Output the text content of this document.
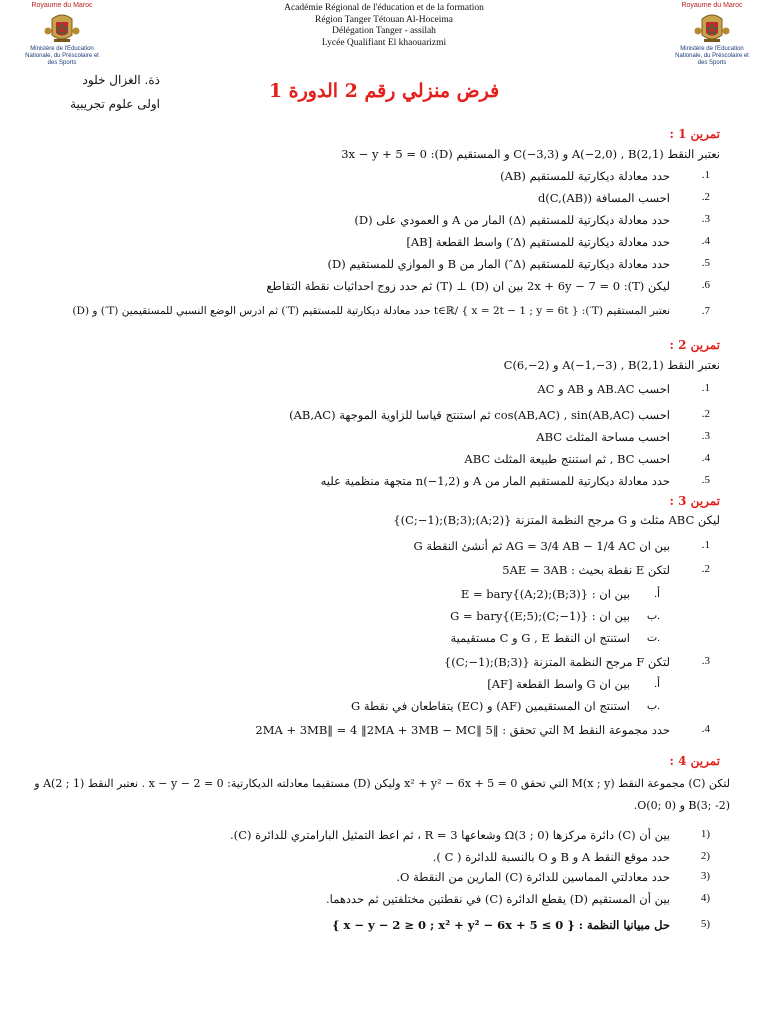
Royaume du Maroc
Ministère de l'Education Nationale, du Préscolaire et des Sports
Académie Régional de l'éducation et de la formation
Région Tanger Tétouan Al-Hoceima
Délégation Tanger - assilah
Lycée Qualifiant El khaouarizmi
Royaume du Maroc
Ministère de l'Education Nationale, du Préscolaire et des Sports
ذة. الغزال خلود
اولى علوم تجريبية
فرض منزلي رقم 2 الدورة 1
تمرين 1 :
نعتبر النقط A(−2,0) , B(2,1) و C(−3,3) و المستقيم (D): 3x − y + 5 = 0
حدد معادلة ديكارتية للمستقيم (AB)	.1
احسب المسافة d(C,(AB))	.2
حدد معادلة ديكارتية للمستقيم (Δ) المار من A و العمودي على (D)	.3
حدد معادلة ديكارتية للمستقيم (Δ′) واسط القطعة [AB]	.4
حدد معادلة ديكارتية للمستقيم (Δ″) المار من B و الموازي للمستقيم (D)	.5
ليكن (T): 2x + 6y − 7 = 0 بين ان (D) ⊥ (T) ثم حدد زوج احداثيات نقطة التقاطع	.6
نعتبر المستقيم (T′): { x = 2t − 1 ; y = 6t } /t∈ℝ حدد معادلة ديكارتية للمستقيم (T′) ثم ادرس الوضع النسبي للمستقيمين (T′) و (D)	.7
تمرين 2 :
نعتبر النقط A(−1,−3) , B(2,1) و C(6,−2)
احسب AB.AC و AB و AC	.1
احسب cos(AB,AC) , sin(AB,AC) ثم استنتج قياسا للزاوية الموجهة (AB,AC)	.2
احسب مساحة المثلث ABC	.3
احسب BC , ثم استنتج طبيعة المثلث ABC	.4
حدد معادلة ديكارتية للمستقيم المار من A و n(−1,2) متجهة منظمية عليه	.5
تمرين 3 :
ليكن ABC مثلث و G مرجح النظمة المتزنة {(A;2);(B;3);(C;−1)}
بين ان AG = 3/4 AB − 1/4 AC ثم أنشئ النقطة G	.1
لتكن E نقطة بحيث : 5AE = 3AB	.2
بين ان : E = bary{(A;2);(B;3)}	.أ
بين ان : G = bary{(E;5);(C;−1)}	ب.
استنتج ان النقط G , E و C مستقيمية	ت.
لتكن F مرجح النظمة المتزنة {(B;3);(C;−1)}	.3
بين ان G واسط القطعة [AF]	.أ
استنتج ان المستقيمين (AF) و (EC) يتقاطعان في نقطة G	ب.
حدد مجموعة النقط M التي تحقق : ‖2MA + 3MB‖ = 4 ‖2MA + 3MB − MC‖ 5	.4
تمرين 4 :
لتكن (C) مجموعة النقط M(x ; y) التي تحقق x² + y² − 6x + 5 = 0 وليكن (D) مستقيما معادلته الديكارتية: x − y − 2 = 0 . نعتبر النقط A(2 ; 1) و B(3; -2) و O(0; 0).
بين أن (C) دائرة مركزها Ω(3 ; 0) وشعاعها R = 3 ، ثم اعط التمثيل البارامتري للدائرة (C).	1)
حدد موقع النقط A و B و O بالنسبة للدائرة ( C ).	2)
حدد معادلتي المماسين للدائرة (C) المارين من النقطة O.	3)
بين أن المستقيم (D) يقطع الدائرة (C) في نقطتين مختلفتين ثم حددهما.	4)
حل مبيانيا النظمة : { x − y − 2 ≥ 0 ; x² + y² − 6x + 5 ≤ 0 }	5)
